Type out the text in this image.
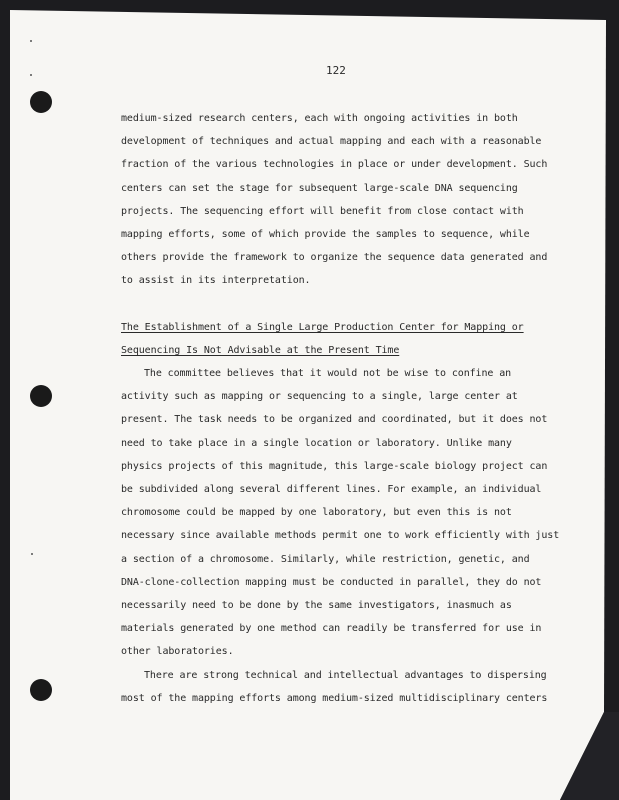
122
medium-sized research centers, each with ongoing activities in both
development of techniques and actual mapping and each with a reasonable
fraction of the various technologies in place or under development. Such
centers can set the stage for subsequent large-scale DNA sequencing
projects. The sequencing effort will benefit from close contact with
mapping efforts, some of which provide the samples to sequence, while
others provide the framework to organize the sequence data generated and
to assist in its interpretation.
The Establishment of a Single Large Production Center for Mapping or
Sequencing Is Not Advisable at the Present Time
The committee believes that it would not be wise to confine an
activity such as mapping or sequencing to a single, large center at
present. The task needs to be organized and coordinated, but it does not
need to take place in a single location or laboratory. Unlike many
physics projects of this magnitude, this large-scale biology project can
be subdivided along several different lines. For example, an individual
chromosome could be mapped by one laboratory, but even this is not
necessary since available methods permit one to work efficiently with just
a section of a chromosome. Similarly, while restriction, genetic, and
DNA-clone-collection mapping must be conducted in parallel, they do not
necessarily need to be done by the same investigators, inasmuch as
materials generated by one method can readily be transferred for use in
other laboratories.
There are strong technical and intellectual advantages to dispersing
most of the mapping efforts among medium-sized multidisciplinary centers
